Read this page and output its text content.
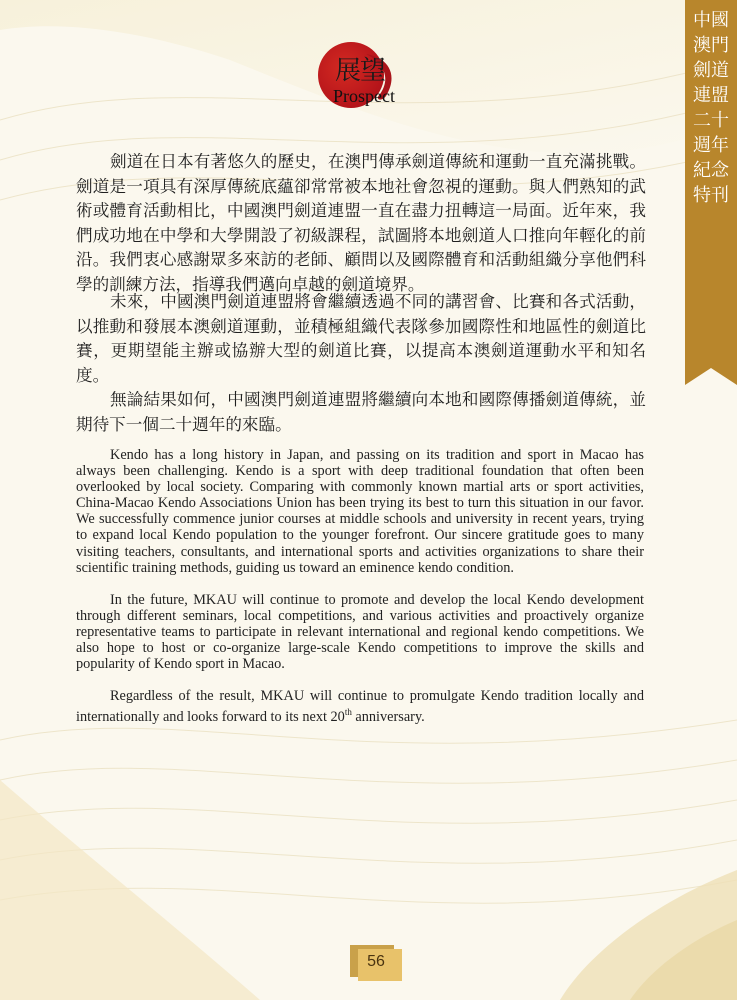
展望
Prospect
中國澳門劍道連盟二十週年紀念特刊

劍道在日本有著悠久的歷史，在澳門傳承劍道傳統和運動一直充滿挑戰。 劍道是一項具有深厚傳統底蘊卻常常被本地社會忽視的運動。與人們熟知的武術或體育活動相比，中國澳門劍道連盟一直在盡力扭轉這一局面。近年來，我們成功地在中學和大學開設了初級課程，試圖將本地劍道人口推向年輕化的前沿。我們衷心感謝眾多來訪的老師、顧問以及國際體育和活動組織分享他們科學的訓練方法，指導我們邁向卓越的劍道境界。

未來，中國澳門劍道連盟將會繼續透過不同的講習會、比賽和各式活動，以推動和發展本澳劍道運動，並積極組織代表隊參加國際性和地區性的劍道比賽，更期望能主辦或協辦大型的劍道比賽，以提高本澳劍道運動水平和知名度。

無論結果如何，中國澳門劍道連盟將繼續向本地和國際傳播劍道傳統，並期待下一個二十週年的來臨。

Kendo has a long history in Japan, and passing on its tradition and sport in Macao has always been challenging. Kendo is a sport with deep traditional foundation that often been overlooked by local society. Comparing with commonly known martial arts or sport activities, China-Macao Kendo Associations Union has been trying its best to turn this situation in our favor. We successfully commence junior courses at middle schools and university in recent years, trying to expand local Kendo population to the younger forefront. Our sincere gratitude goes to many visiting teachers, consultants, and international sports and activities organizations to share their scientific training methods, guiding us toward an eminence kendo condition.

In the future, MKAU will continue to promote and develop the local Kendo development through different seminars, local competitions, and various activities and proactively organize representative teams to participate in relevant international and regional kendo competitions. We also hope to host or co-organize large-scale Kendo competitions to improve the skills and popularity of Kendo sport in Macao.

Regardless of the result, MKAU will continue to promulgate Kendo tradition locally and internationally and looks forward to its next 20th anniversary.

56
